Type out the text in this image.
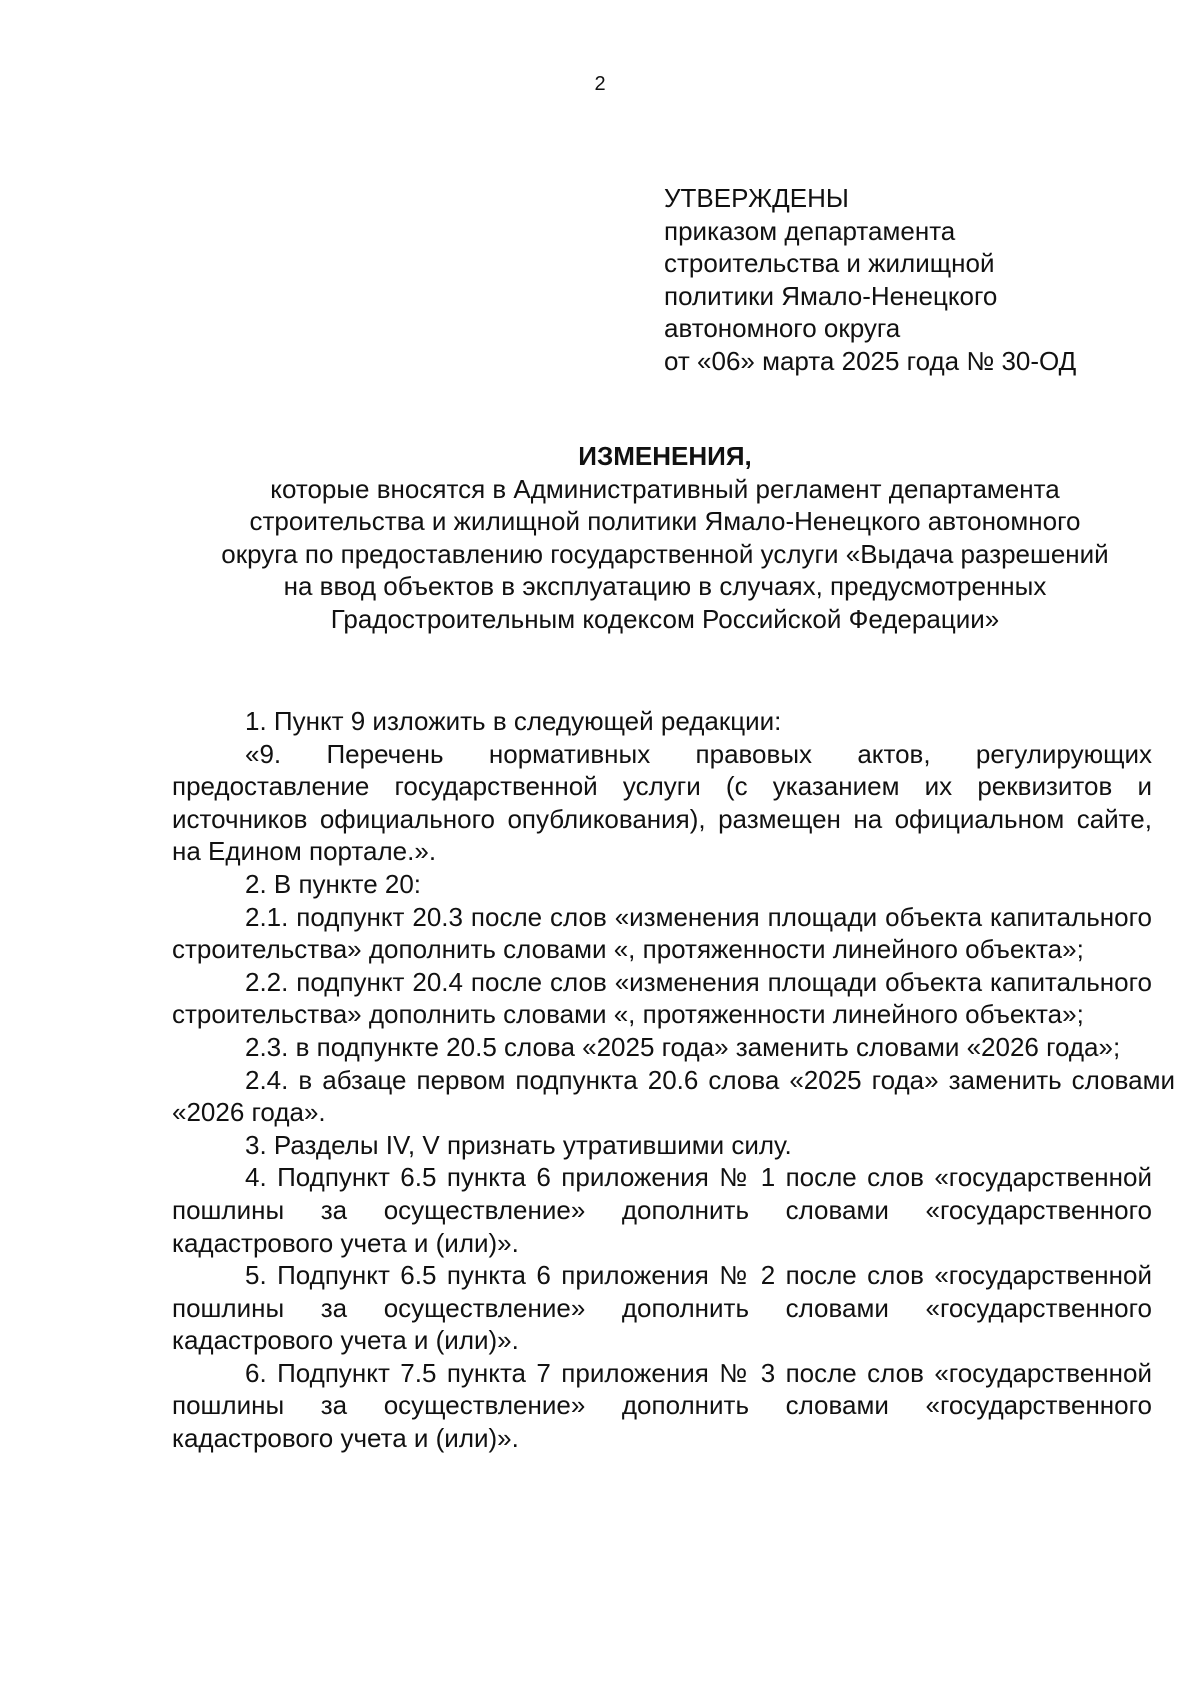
2
УТВЕРЖДЕНЫ
приказом департамента
строительства и жилищной
политики Ямало-Ненецкого
автономного округа
от «06» марта 2025 года № 30-ОД
ИЗМЕНЕНИЯ,
которые вносятся в Административный регламент департамента
строительства и жилищной политики Ямало-Ненецкого автономного
округа по предоставлению государственной услуги «Выдача разрешений
на ввод объектов в эксплуатацию в случаях, предусмотренных
Градостроительным кодексом Российской Федерации»

1. Пункт 9 изложить в следующей редакции:

«9. Перечень нормативных правовых актов, регулирующих предоставление государственной услуги (с указанием их реквизитов и источников официального опубликования), размещен на официальном сайте, на Едином портале.».

2. В пункте 20:

2.1. подпункт 20.3 после слов «изменения площади объекта капитального строительства» дополнить словами «, протяженности линейного объекта»;

2.2. подпункт 20.4 после слов «изменения площади объекта капитального строительства» дополнить словами «, протяженности линейного объекта»;

2.3. в подпункте 20.5 слова «2025 года» заменить словами «2026 года»;

2.4. в абзаце первом подпункта 20.6 слова «2025 года» заменить словами «2026 года».

3. Разделы IV, V признать утратившими силу.

4. Подпункт 6.5 пункта 6 приложения № 1 после слов «государственной пошлины за осуществление» дополнить словами «государственного кадастрового учета и (или)».

5. Подпункт 6.5 пункта 6 приложения № 2 после слов «государственной пошлины за осуществление» дополнить словами «государственного кадастрового учета и (или)».

6. Подпункт 7.5 пункта 7 приложения № 3 после слов «государственной пошлины за осуществление» дополнить словами «государственного кадастрового учета и (или)».
